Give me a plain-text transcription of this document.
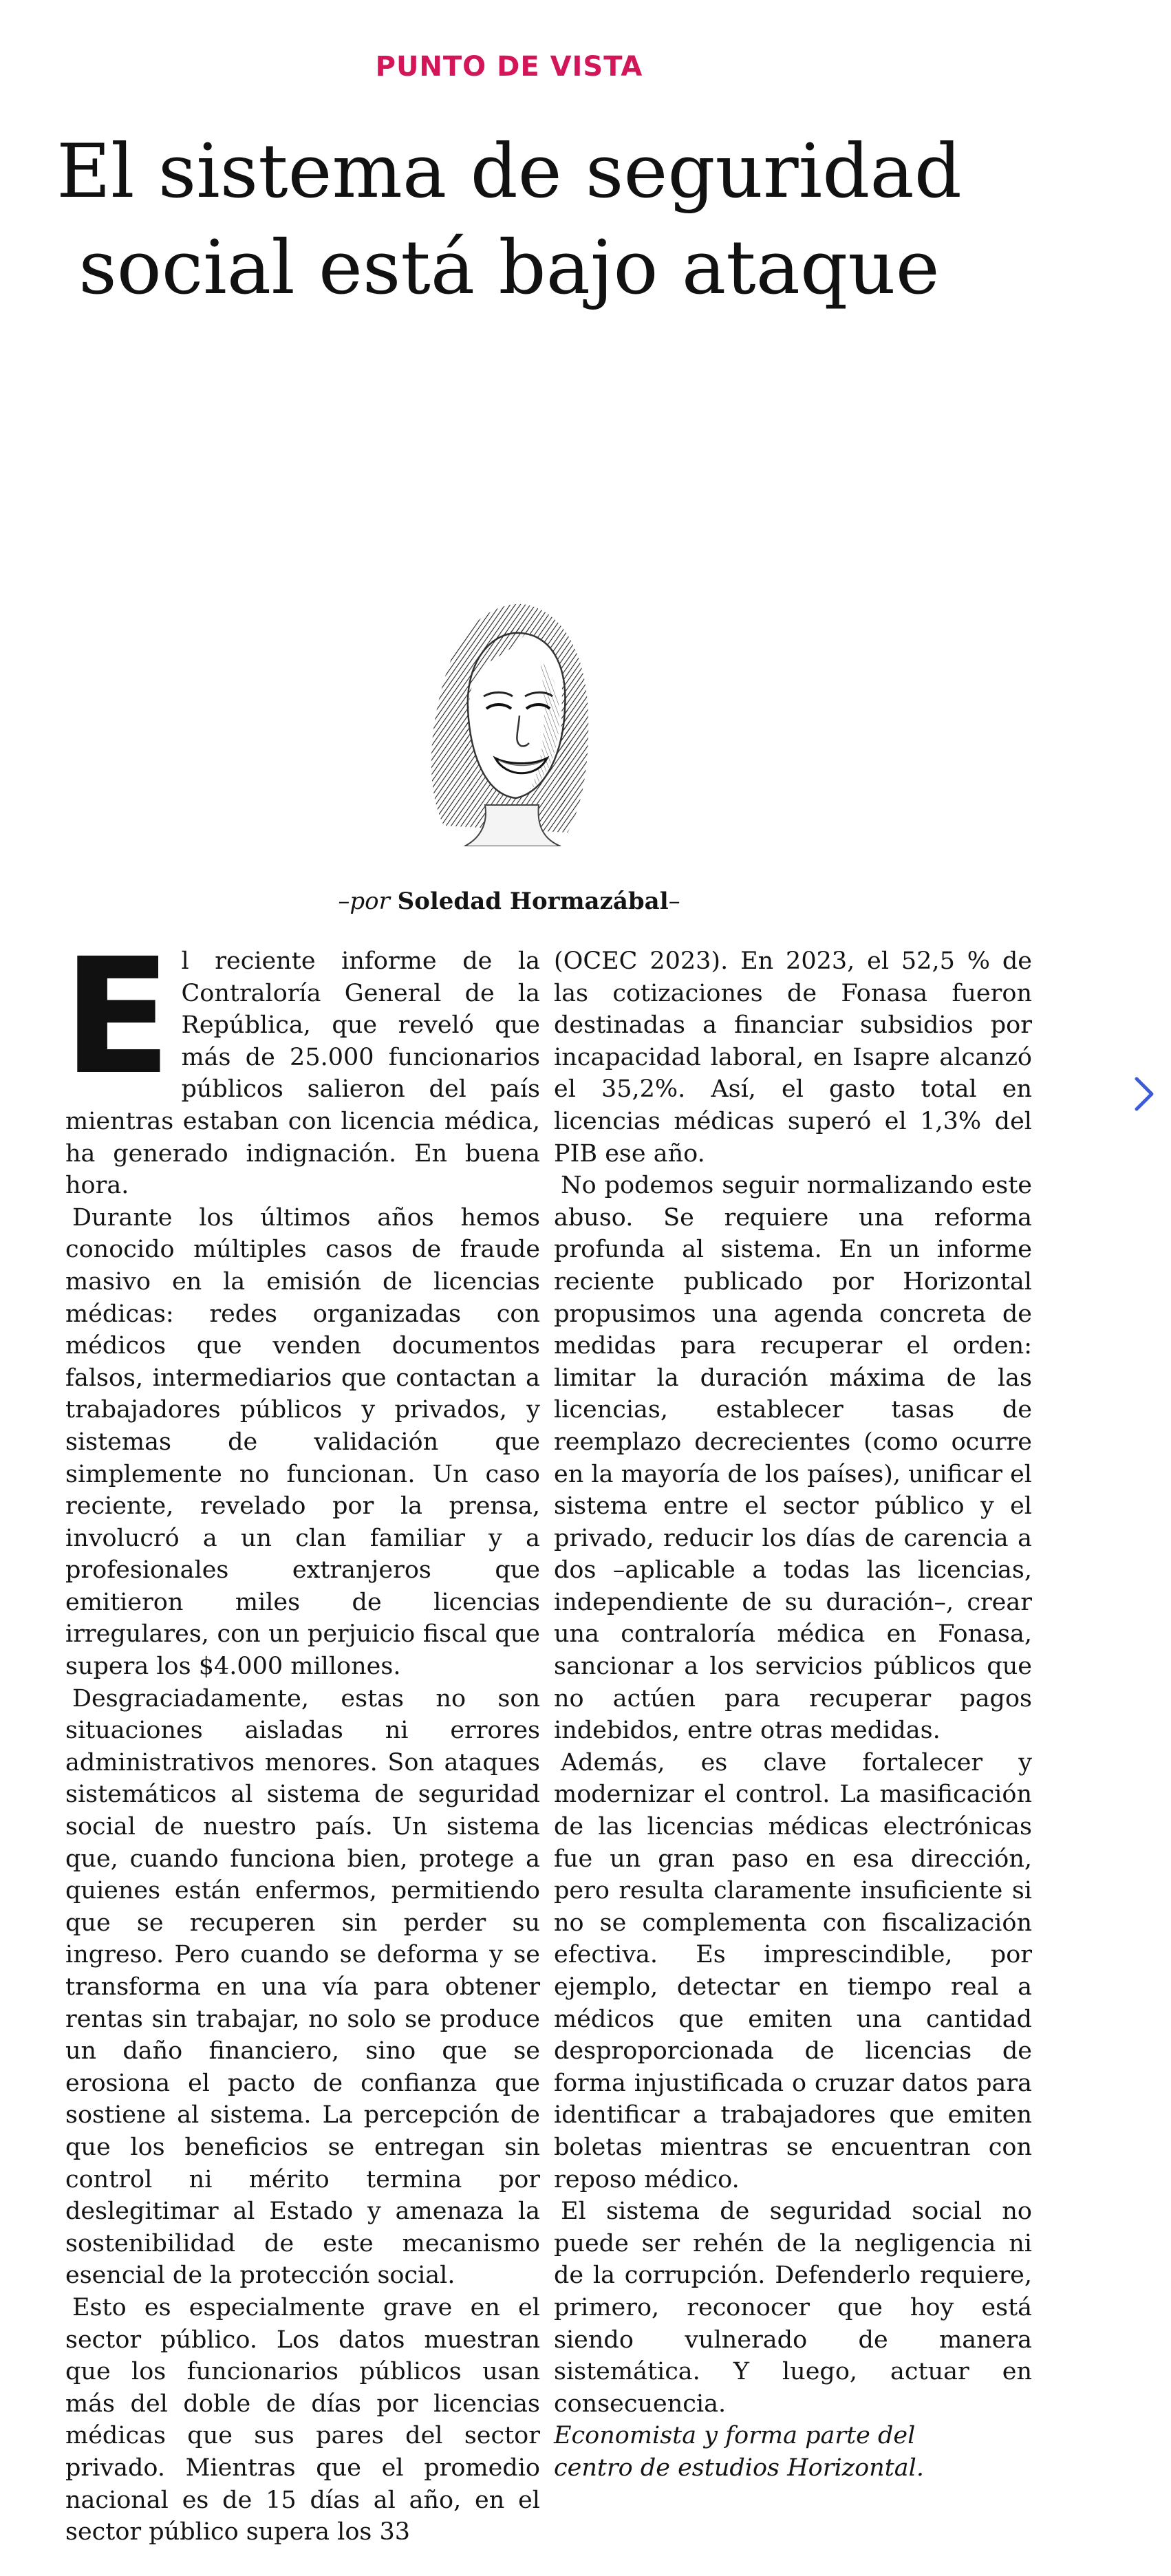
PUNTO DE VISTA
El sistema de seguridad social está bajo ataque
–por Soledad Hormazábal–

El reciente informe de la Contraloría General de la República, que reveló que más de 25.000 funcionarios públicos salieron del país mientras estaban con licencia médica, ha generado indignación. En buena hora.

Durante los últimos años hemos conocido múltiples casos de fraude masivo en la emisión de licencias médicas: redes organizadas con médicos que venden documentos falsos, intermediarios que contactan a trabajadores públicos y privados, y sistemas de validación que simplemente no funcionan. Un caso reciente, revelado por la prensa, involucró a un clan familiar y a profesionales extranjeros que emitieron miles de licencias irregulares, con un perjuicio fiscal que supera los $4.000 millones.

Desgraciadamente, estas no son situaciones aisladas ni errores administrativos menores. Son ataques sistemáticos al sistema de seguridad social de nuestro país. Un sistema que, cuando funciona bien, protege a quienes están enfermos, permitiendo que se recuperen sin perder su ingreso. Pero cuando se deforma y se transforma en una vía para obtener rentas sin trabajar, no solo se produce un daño financiero, sino que se erosiona el pacto de confianza que sostiene al sistema. La percepción de que los beneficios se entregan sin control ni mérito termina por deslegitimar al Estado y amenaza la sostenibilidad de este mecanismo esencial de la protección social.

Esto es especialmente grave en el sector público. Los datos muestran que los funcionarios públicos usan más del doble de días por licencias médicas que sus pares del sector privado. Mientras que el promedio nacional es de 15 días al año, en el sector público supera los 33

(OCEC 2023). En 2023, el 52,5 % de las cotizaciones de Fonasa fueron destinadas a financiar subsidios por incapacidad laboral, en Isapre alcanzó el 35,2%. Así, el gasto total en licencias médicas superó el 1,3% del PIB ese año.

No podemos seguir normalizando este abuso. Se requiere una reforma profunda al sistema. En un informe reciente publicado por Horizontal propusimos una agenda concreta de medidas para recuperar el orden: limitar la duración máxima de las licencias, establecer tasas de reemplazo decrecientes (como ocurre en la mayoría de los países), unificar el sistema entre el sector público y el privado, reducir los días de carencia a dos –aplicable a todas las licencias, independiente de su duración–, crear una contraloría médica en Fonasa, sancionar a los servicios públicos que no actúen para recuperar pagos indebidos, entre otras medidas.

Además, es clave fortalecer y modernizar el control. La masificación de las licencias médicas electrónicas fue un gran paso en esa dirección, pero resulta claramente insuficiente si no se complementa con fiscalización efectiva. Es imprescindible, por ejemplo, detectar en tiempo real a médicos que emiten una cantidad desproporcionada de licencias de forma injustificada o cruzar datos para identificar a trabajadores que emiten boletas mientras se encuentran con reposo médico.

El sistema de seguridad social no puede ser rehén de la negligencia ni de la corrupción. Defenderlo requiere, primero, reconocer que hoy está siendo vulnerado de manera sistemática. Y luego, actuar en consecuencia.

Economista y forma parte del
centro de estudios Horizontal.
